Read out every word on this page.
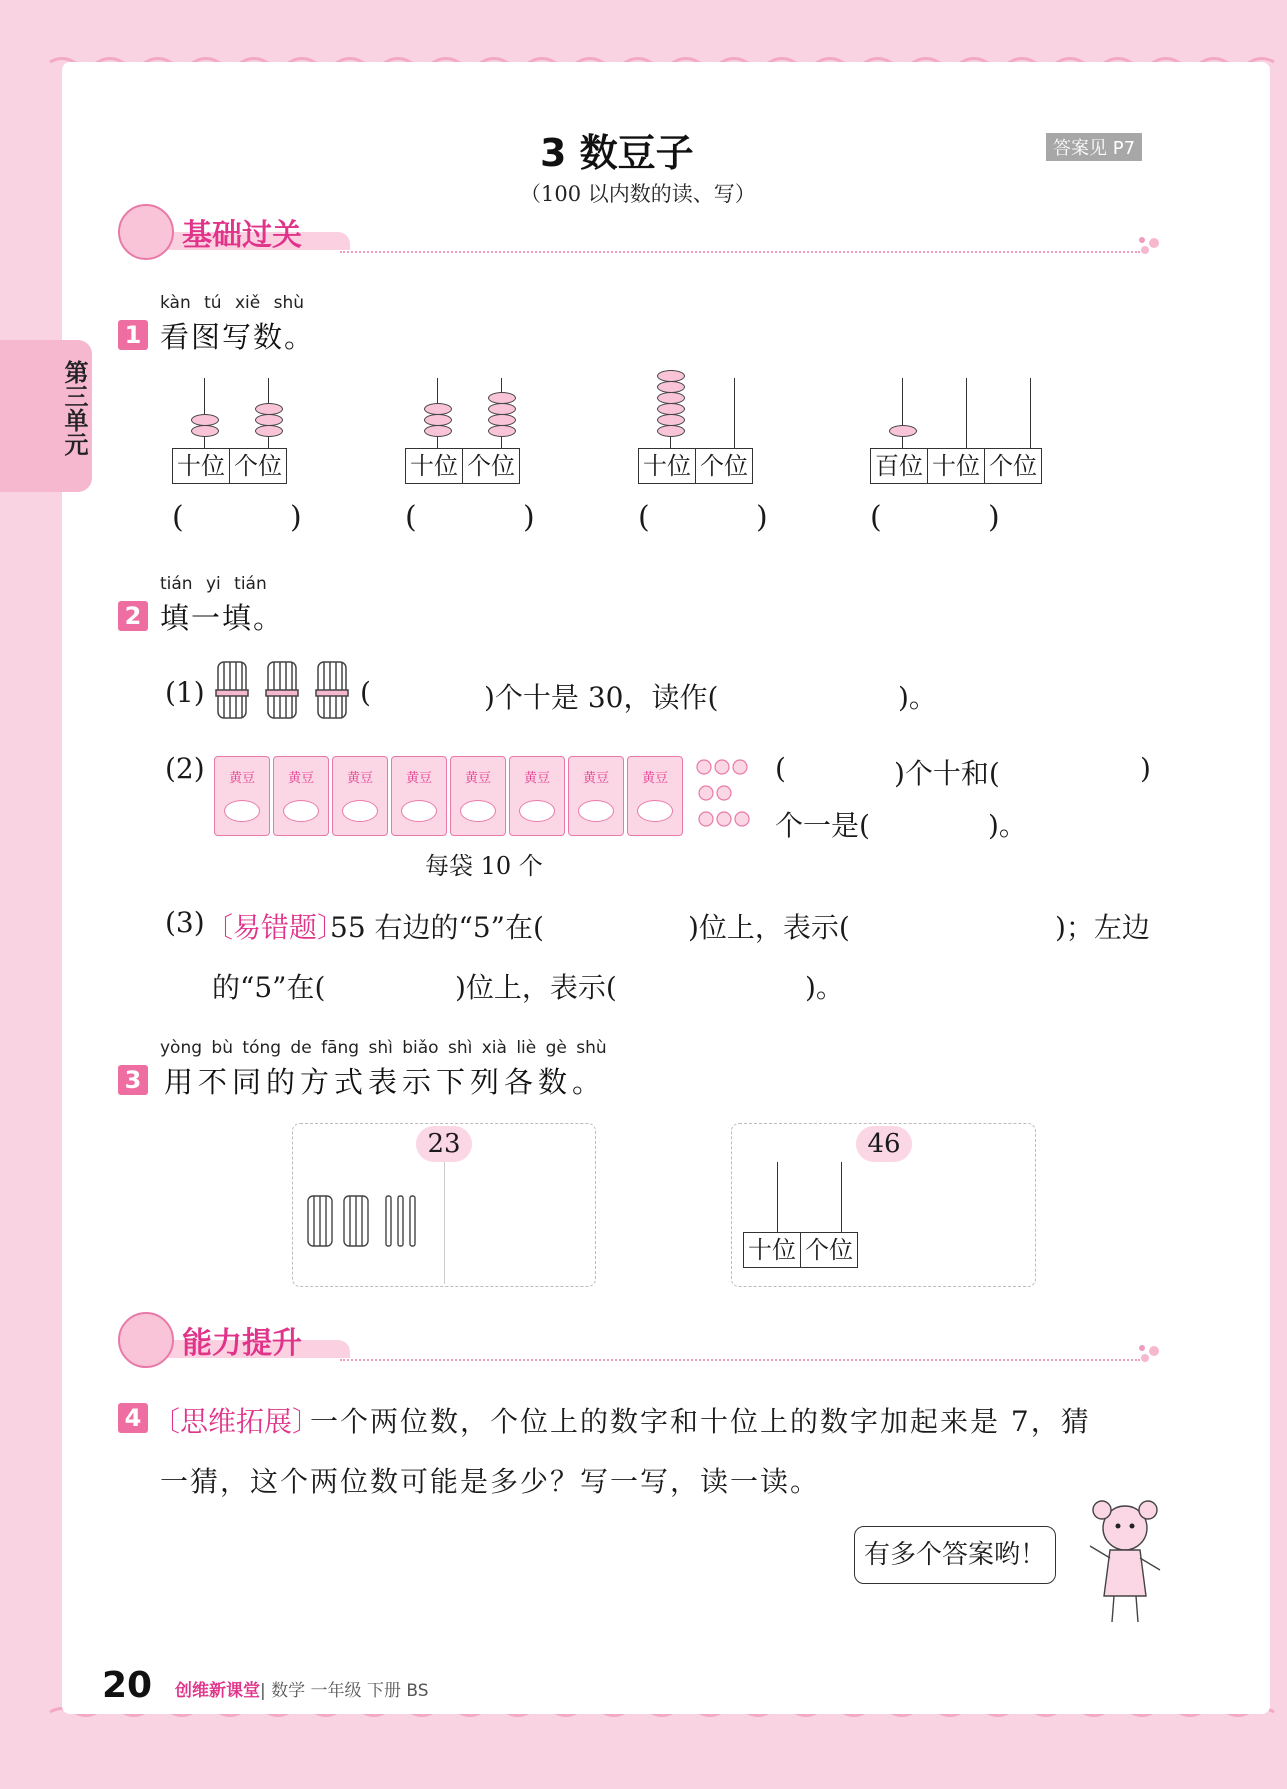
第三单元
3 数豆子
（100 以内数的读、写）
答案见 P7
基础过关
kàn tú xiě shù
1 看图写数。
十位 个位
(	)
十位 个位
(	)
十位 个位
(	)
百位 十位 个位
(	)
tián yi tián
2 填一填。
(1)	(	)个十是 30，读作(	)。
(2)	黄豆	黄豆	黄豆	黄豆	黄豆	黄豆	黄豆	黄豆	(	)个十和(	)
个一是(	)。
每袋 10 个
(3) 〔易错题〕
55 右边的“5”在(	)位上，表示(	)；左边
的“5”在(	)位上，表示(	)。
yòng bù tóng de fāng shì biǎo shì xià liè gè shù
3 用不同的方式表示下列各数。
23	46
十位 个位
能力提升
4 〔思维拓展〕
一个两位数，个位上的数字和十位上的数字加起来是 7，猜
一猜，这个两位数可能是多少？写一写，读一读。
有多个答案哟！
20 创维新课堂| 数学 一年级 下册 BS
